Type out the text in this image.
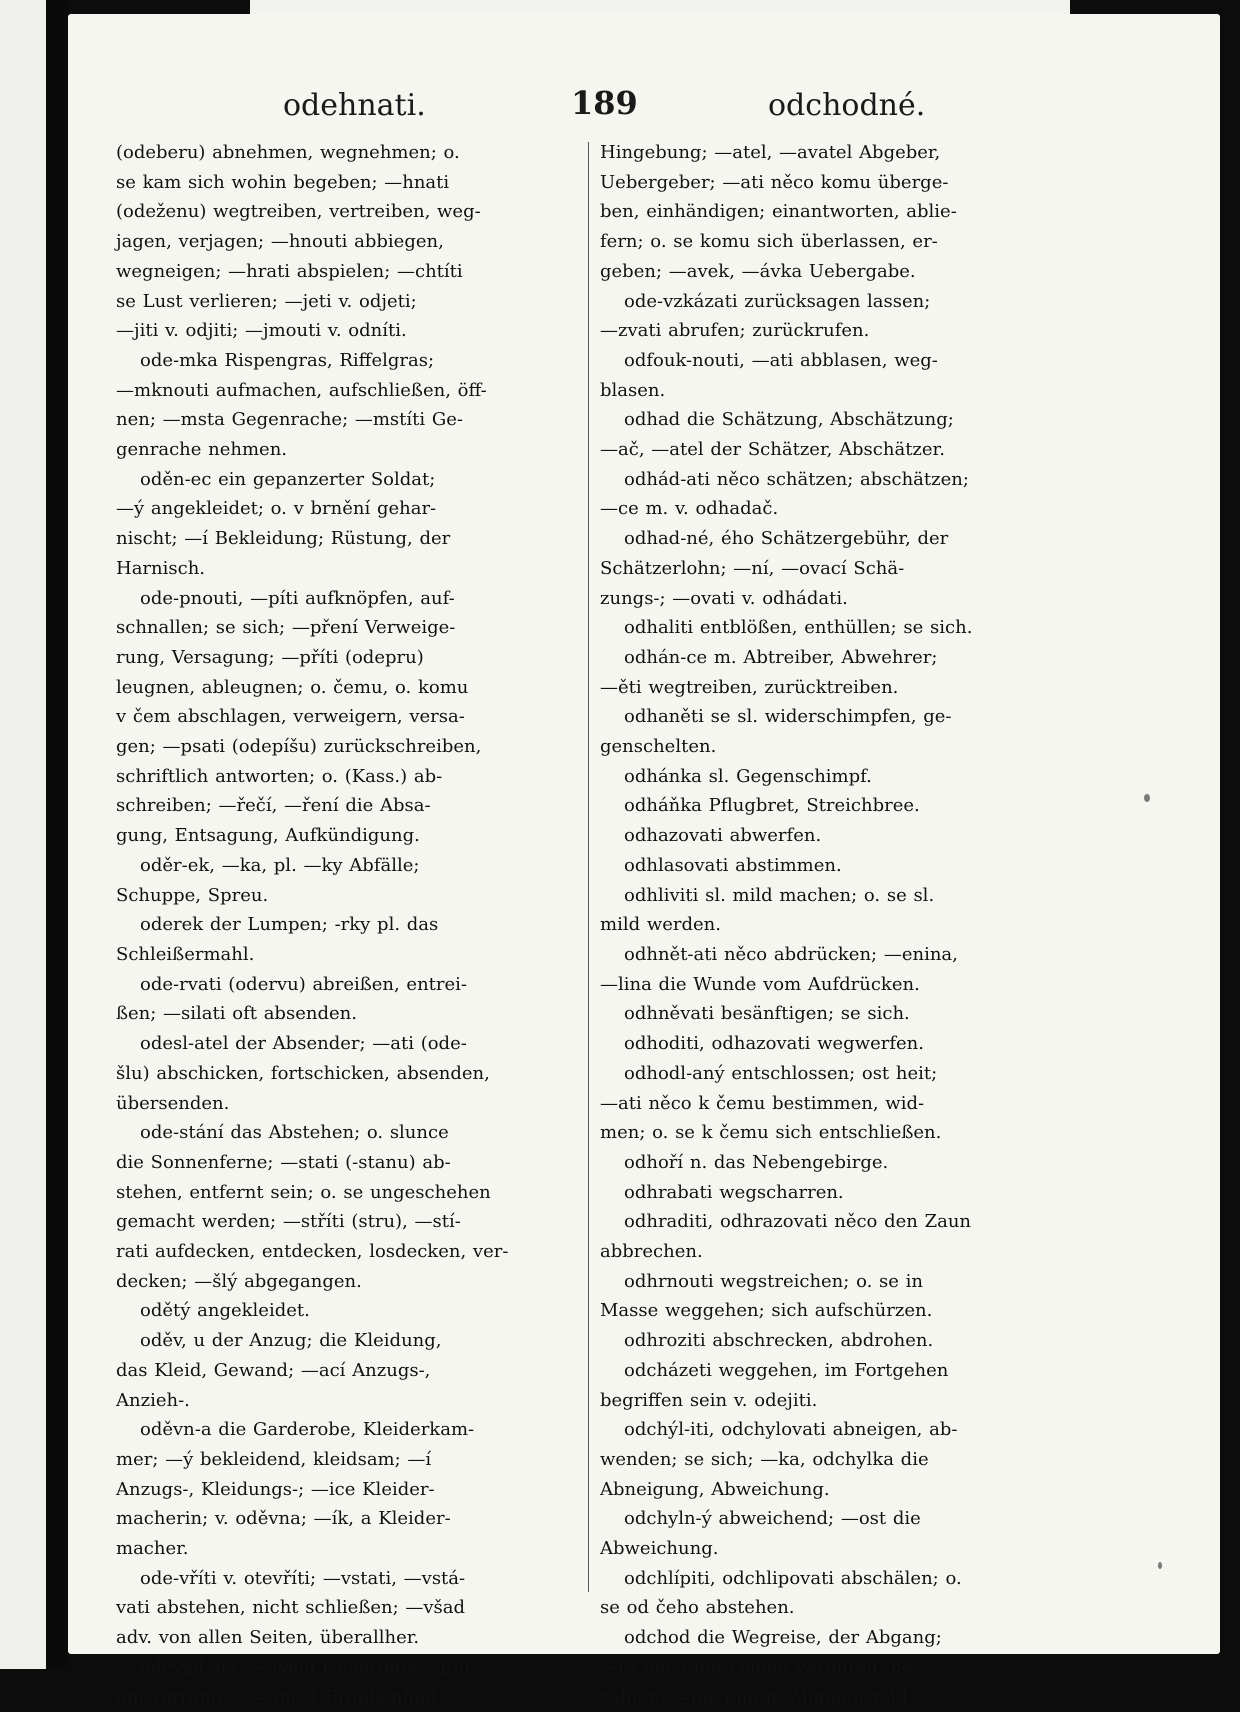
odehnati.	189	odchodné.

(odeberu) abnehmen, wegnehmen; o.
se kam sich wohin begeben; —hnati
(odeženu) wegtreiben, vertreiben, weg-
jagen, verjagen; —hnouti abbiegen,
wegneigen; —hrati abspielen; —chtíti
se Lust verlieren; —jeti v. odjeti;
—jiti v. odjiti; —jmouti v. odníti.

ode-mka Rispengras, Riffelgras;
—mknouti aufmachen, aufschließen, öff-
nen; —msta Gegenrache; —mstíti Ge-
genrache nehmen.

oděn-ec ein gepanzerter Soldat;
—ý angekleidet; o. v brnění gehar-
nischt; —í Bekleidung; Rüstung, der
Harnisch.

ode-pnouti, —píti aufknöpfen, auf-
schnallen; se sich; —pření Verweige-
rung, Versagung; —příti (odepru)
leugnen, ableugnen; o. čemu, o. komu
v čem abschlagen, verweigern, versa-
gen; —psati (odepíšu) zurückschreiben,
schriftlich antworten; o. (Kass.) ab-
schreiben; —řečí, —ření die Absa-
gung, Entsagung, Aufkündigung.

oděr-ek, —ka, pl. —ky Abfälle;
Schuppe, Spreu.

oderek der Lumpen; -rky pl. das
Schleißermahl.

ode-rvati (odervu) abreißen, entrei-
ßen; —silati oft absenden.

odesl-atel der Absender; —ati (ode-
šlu) abschicken, fortschicken, absenden,
übersenden.

ode-stání das Abstehen; o. slunce
die Sonnenferne; —stati (-stanu) ab-
stehen, entfernt sein; o. se ungeschehen
gemacht werden; —stříti (stru), —stí-
rati aufdecken, entdecken, losdecken, ver-
decken; —šlý abgegangen.

odětý angekleidet.

oděv, u der Anzug; die Kleidung,
das Kleid, Gewand; —ací Anzugs-,
Anzieh-.

oděvn-a die Garderobe, Kleiderkam-
mer; —ý bekleidend, kleidsam; —í
Anzugs-, Kleidungs-; —ice Kleider-
macherin; v. oděvna; —ík, a Kleider-
macher.

ode-vříti v. otevříti; —vstati, —vstá-
vati abstehen, nicht schließen; —všad
adv. von allen Seiten, überallher.

odevzd-ací, —avací Uebergabs-, Ein-
antwortungs-; —anost Ergebenheit,

Hingebung; —atel, —avatel Abgeber,
Uebergeber; —ati něco komu überge-
ben, einhändigen; einantworten, ablie-
fern; o. se komu sich überlassen, er-
geben; —avek, —ávka Uebergabe.

ode-vzkázati zurücksagen lassen;
—zvati abrufen; zurückrufen.

odfouk-nouti, —ati abblasen, weg-
blasen.

odhad die Schätzung, Abschätzung;
—ač, —atel der Schätzer, Abschätzer.

odhád-ati něco schätzen; abschätzen;
—ce m. v. odhadač.

odhad-né, ého Schätzergebühr, der
Schätzerlohn; —ní, —ovací Schä-
zungs-; —ovati v. odhádati.

odhaliti entblößen, enthüllen; se sich.

odhán-ce m. Abtreiber, Abwehrer;
—ěti wegtreiben, zurücktreiben.

odhaněti se sl. widerschimpfen, ge-
genschelten.

odhánka sl. Gegenschimpf.

odháňka Pflugbret, Streichbree.

odhazovati abwerfen.

odhlasovati abstimmen.

odhliviti sl. mild machen; o. se sl.
mild werden.

odhnět-ati něco abdrücken; —enina,
—lina die Wunde vom Aufdrücken.

odhněvati besänftigen; se sich.

odhoditi, odhazovati wegwerfen.

odhodl-aný entschlossen; ost heit;
—ati něco k čemu bestimmen, wid-
men; o. se k čemu sich entschließen.

odhoří n. das Nebengebirge.

odhrabati wegscharren.

odhraditi, odhrazovati něco den Zaun
abbrechen.

odhrnouti wegstreichen; o. se in
Masse weggehen; sich aufschürzen.

odhroziti abschrecken, abdrohen.

odcházeti weggehen, im Fortgehen
begriffen sein v. odejiti.

odchýl-iti, odchylovati abneigen, ab-
wenden; se sich; —ka, odchylka die
Abneigung, Abweichung.

odchyln-ý abweichend; —ost die
Abweichung.

odchlípiti, odchlipovati abschälen; o.
se od čeho abstehen.

odchod die Wegreise, der Abgang;
—iti něco mit Gehen vergüten, be-
zahlen; —né, ého n. Abgangsgeld,
